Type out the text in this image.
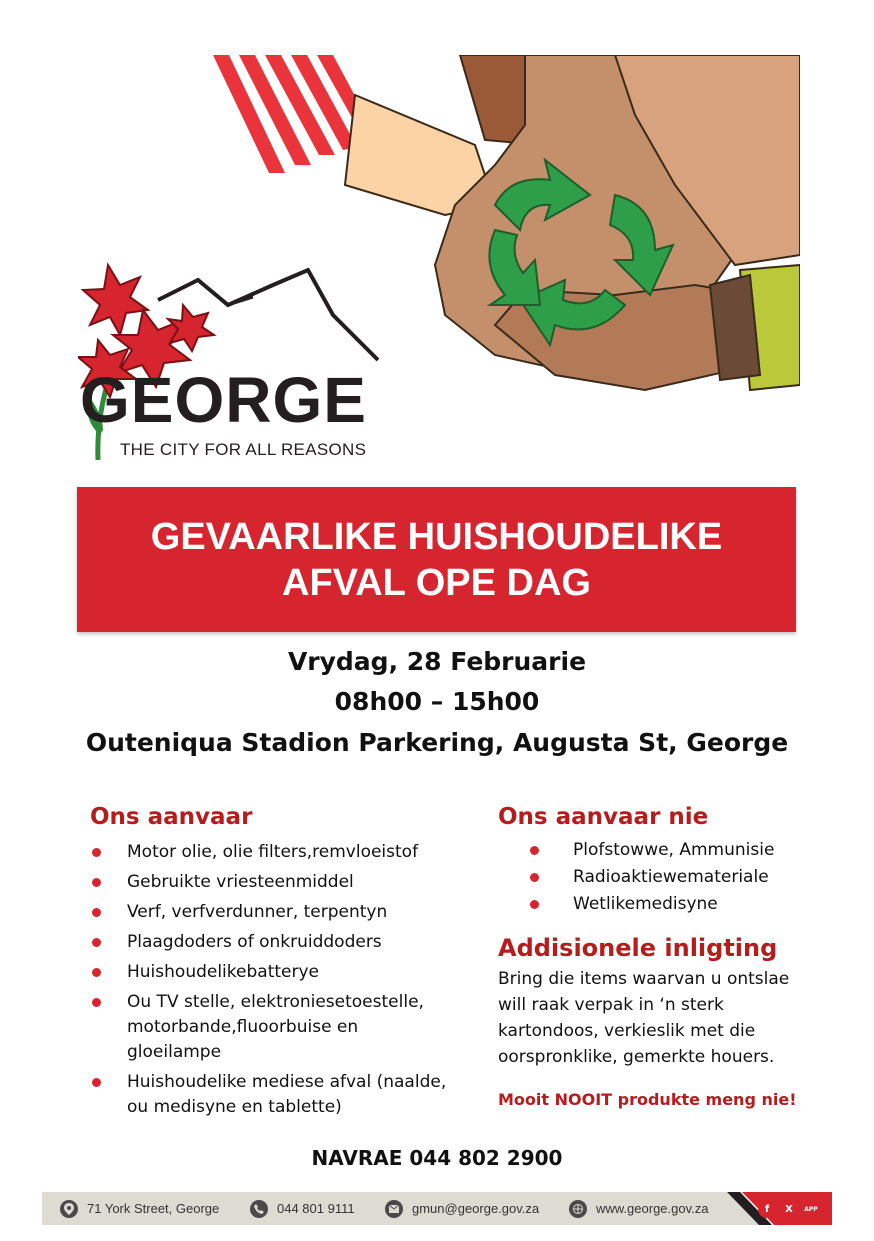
GEORGE
THE CITY FOR ALL REASONS
GEVAARLIKE HUISHOUDELIKE
AFVAL OPE DAG
Vrydag, 28 Februarie
08h00 – 15h00
Outeniqua Stadion Parkering, Augusta St, George
Ons aanvaar
Motor olie, olie filters,remvloeistof
Gebruikte vriesteenmiddel
Verf, verfverdunner, terpentyn
Plaagdoders of onkruiddoders
Huishoudelikebatterye
Ou TV stelle, elektroniesetoestelle, motorbande,fluoorbuise en gloeilampe
Huishoudelike mediese afval (naalde, ou medisyne en tablette)
Ons aanvaar nie
Plofstowwe, Ammunisie
Radioaktiewemateriale
Wetlikemedisyne
Addisionele inligting
Bring die items waarvan u ontslae will raak verpak in ‘n sterk kartondoos, verkieslik met die oorspronklike, gemerkte houers.
Mooit NOOIT produkte meng nie!
NAVRAE 044 802 2900
71 York Street, George	044 801 9111	gmun@george.gov.za	www.george.gov.za	f	X	APP
